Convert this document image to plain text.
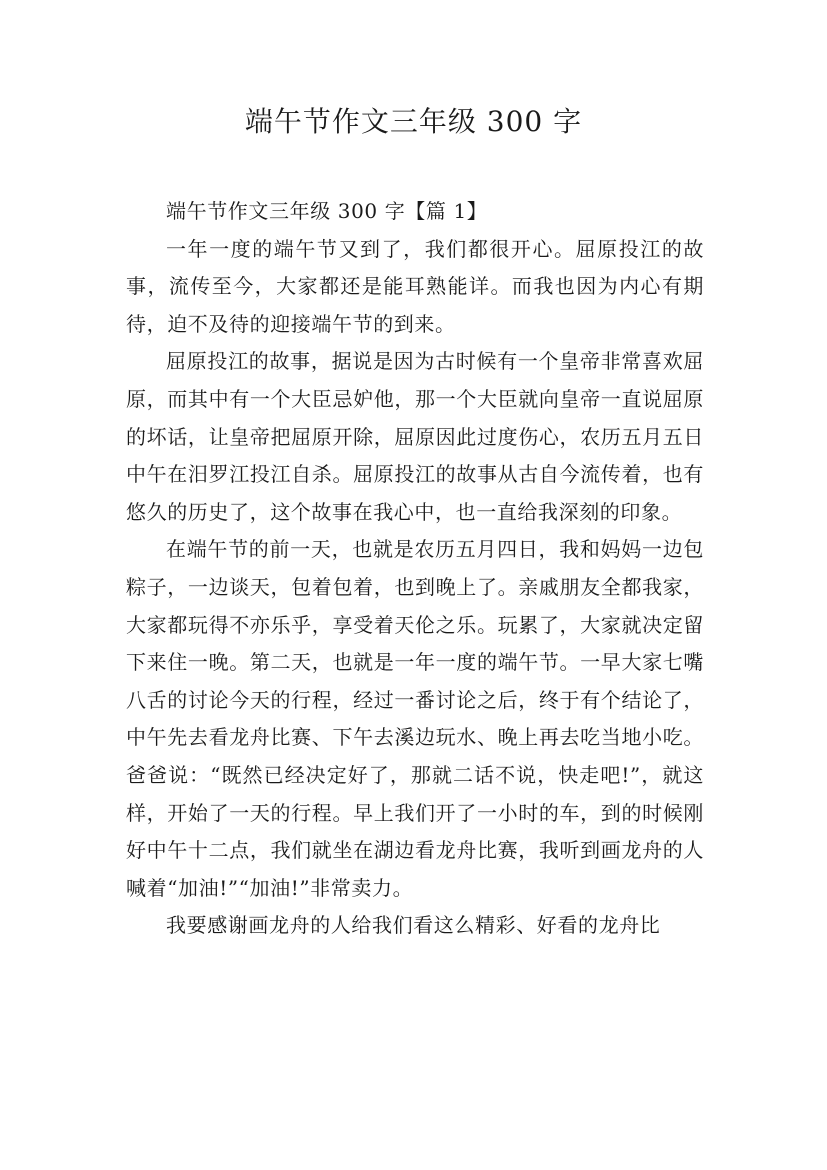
端午节作文三年级 300 字

端午节作文三年级 300 字【篇 1】

一年一度的端午节又到了，我们都很开心。屈原投江的故事，流传至今，大家都还是能耳熟能详。而我也因为内心有期待，迫不及待的迎接端午节的到来。

屈原投江的故事，据说是因为古时候有一个皇帝非常喜欢屈原，而其中有一个大臣忌妒他，那一个大臣就向皇帝一直说屈原的坏话，让皇帝把屈原开除，屈原因此过度伤心，农历五月五日中午在汨罗江投江自杀。屈原投江的故事从古自今流传着，也有悠久的历史了，这个故事在我心中，也一直给我深刻的印象。

在端午节的前一天，也就是农历五月四日，我和妈妈一边包粽子，一边谈天，包着包着，也到晚上了。亲戚朋友全都我家，大家都玩得不亦乐乎，享受着天伦之乐。玩累了，大家就决定留下来住一晚。第二天，也就是一年一度的端午节。一早大家七嘴八舌的讨论今天的行程，经过一番讨论之后，终于有个结论了，中午先去看龙舟比赛、下午去溪边玩水、晚上再去吃当地小吃。爸爸说：“既然已经决定好了，那就二话不说，快走吧!”，就这样，开始了一天的行程。早上我们开了一小时的车，到的时候刚好中午十二点，我们就坐在湖边看龙舟比赛，我听到画龙舟的人喊着“加油!”“加油!”非常卖力。

我要感谢画龙舟的人给我们看这么精彩、好看的龙舟比
